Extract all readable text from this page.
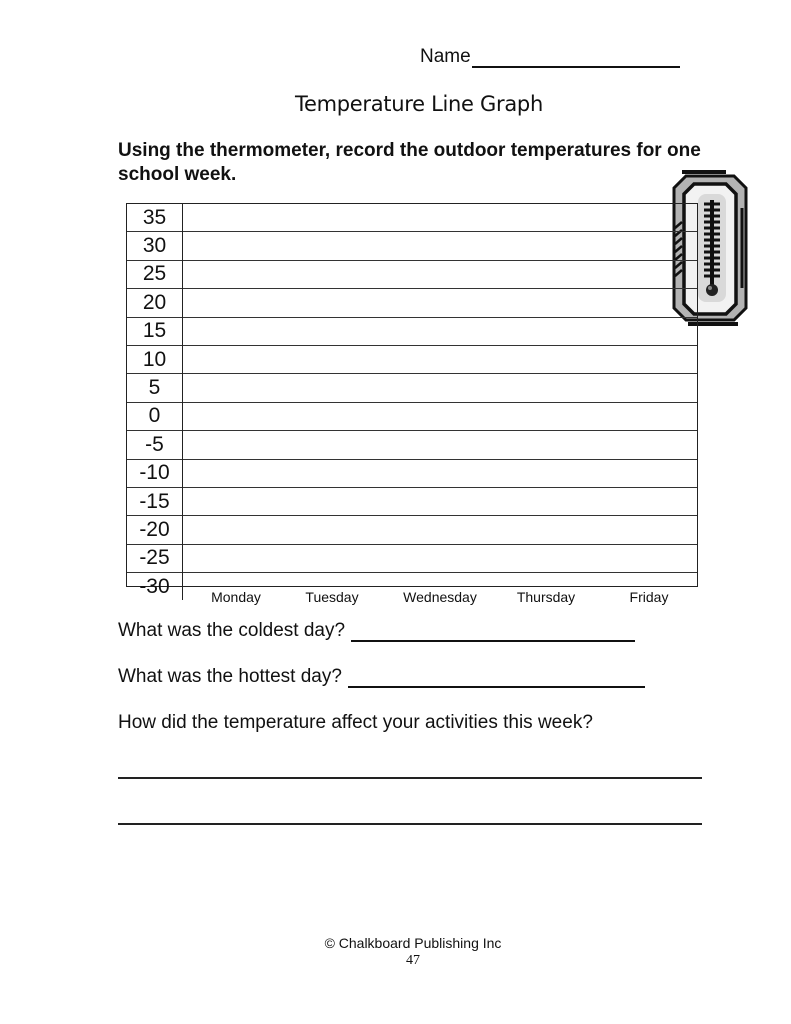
Name
Temperature Line Graph
Using the thermometer, record the outdoor temperatures for one school week.
35	
30	
25	
20	
15	
10	
5	
0	
-5	
-10	
-15	
-20	
-25	
-30		Monday	Tuesday	Wednesday	Thursday	Friday
What was the coldest day?
What was the hottest day?
How did the temperature affect your activities this week?
© Chalkboard Publishing Inc
47
